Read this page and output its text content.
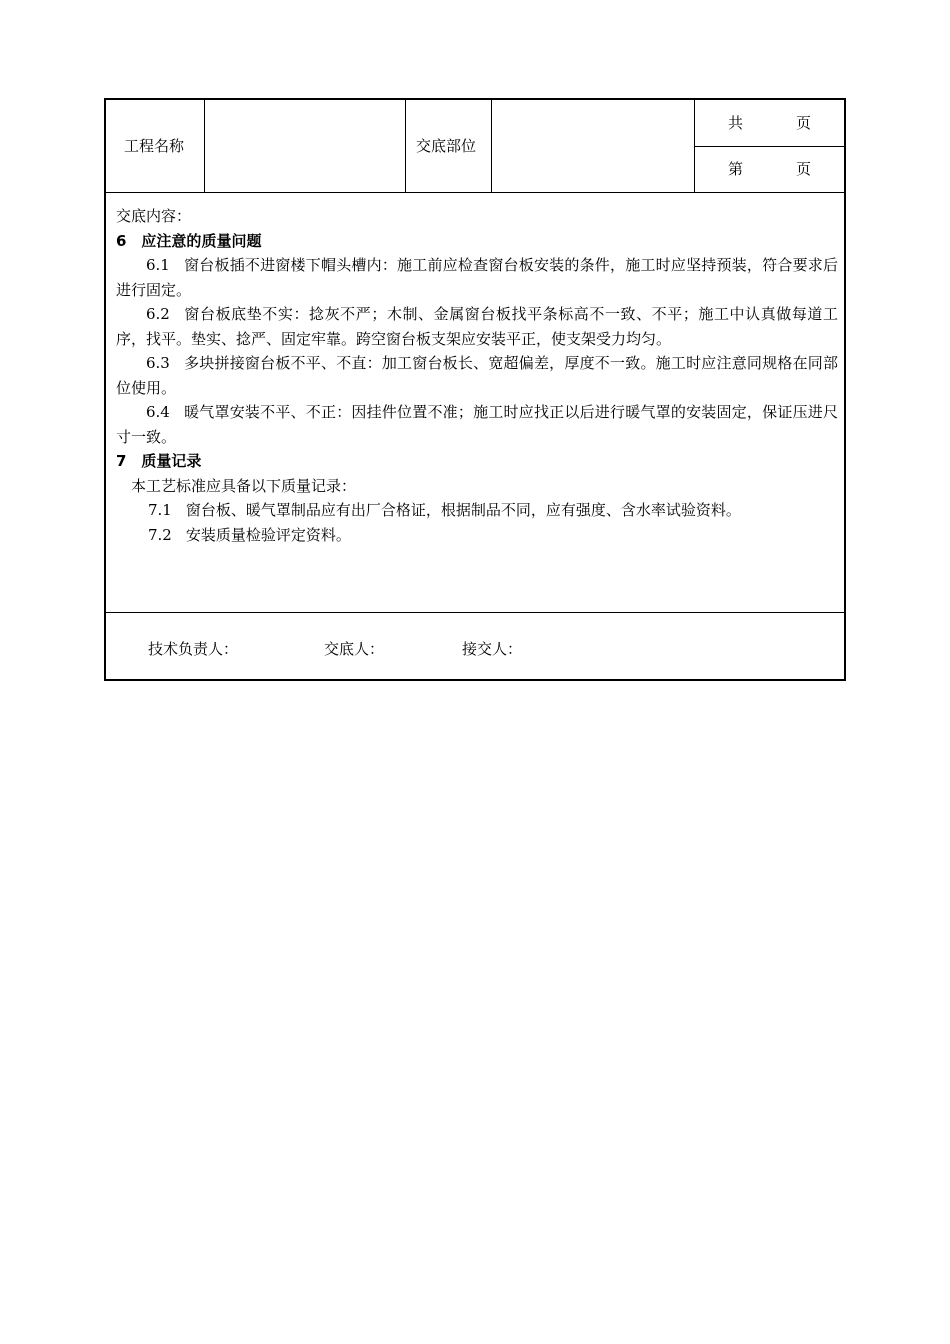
工程名称	交底部位
共	页
第	页

交底内容：

6　应注意的质量问题

6.1 窗台板插不进窗楼下帽头槽内：施工前应检查窗台板安装的条件，施工时应坚持预装，符合要求后进行固定。

6.2 窗台板底垫不实：捻灰不严；木制、金属窗台板找平条标高不一致、不平；施工中认真做每道工序，找平。垫实、捻严、固定牢靠。跨空窗台板支架应安装平正，使支架受力均匀。

6.3 多块拼接窗台板不平、不直：加工窗台板长、宽超偏差，厚度不一致。施工时应注意同规格在同部位使用。

6.4 暖气罩安装不平、不正：因挂件位置不准；施工时应找正以后进行暖气罩的安装固定，保证压进尺寸一致。

7　质量记录

本工艺标准应具备以下质量记录：

7.1 窗台板、暖气罩制品应有出厂合格证，根据制品不同，应有强度、含水率试验资料。

7.2 安装质量检验评定资料。

技术负责人：	交底人：	接交人：
